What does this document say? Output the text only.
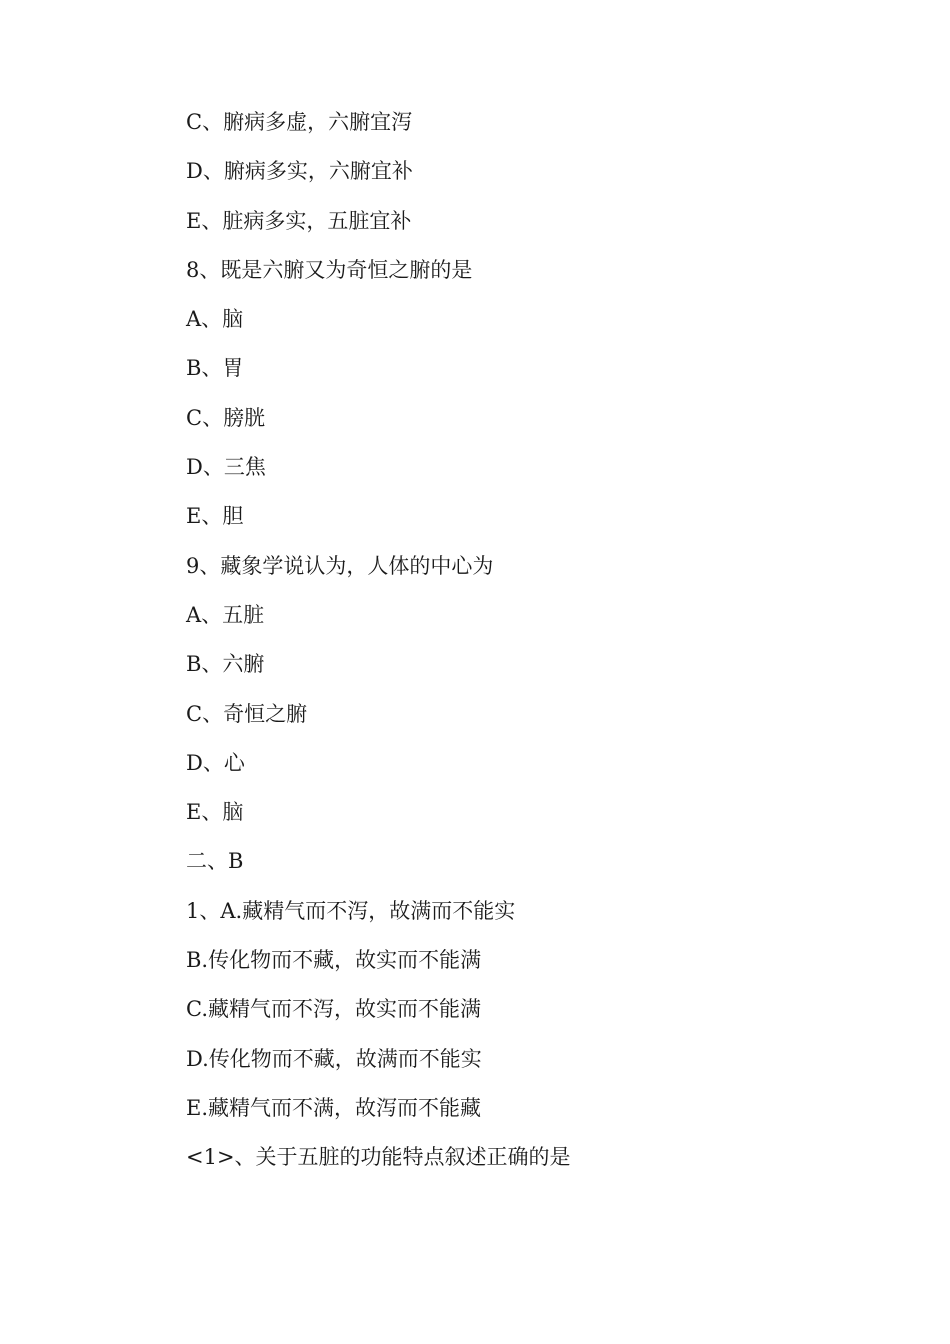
C、腑病多虚，六腑宜泻
D、腑病多实，六腑宜补
E、脏病多实，五脏宜补
8、既是六腑又为奇恒之腑的是
A、脑
B、胃
C、膀胱
D、三焦
E、胆
9、藏象学说认为，人体的中心为
A、五脏
B、六腑
C、奇恒之腑
D、心
E、脑
二、B
1、A.藏精气而不泻，故满而不能实
B.传化物而不藏，故实而不能满
C.藏精气而不泻，故实而不能满
D.传化物而不藏，故满而不能实
E.藏精气而不满，故泻而不能藏
<1>、关于五脏的功能特点叙述正确的是
